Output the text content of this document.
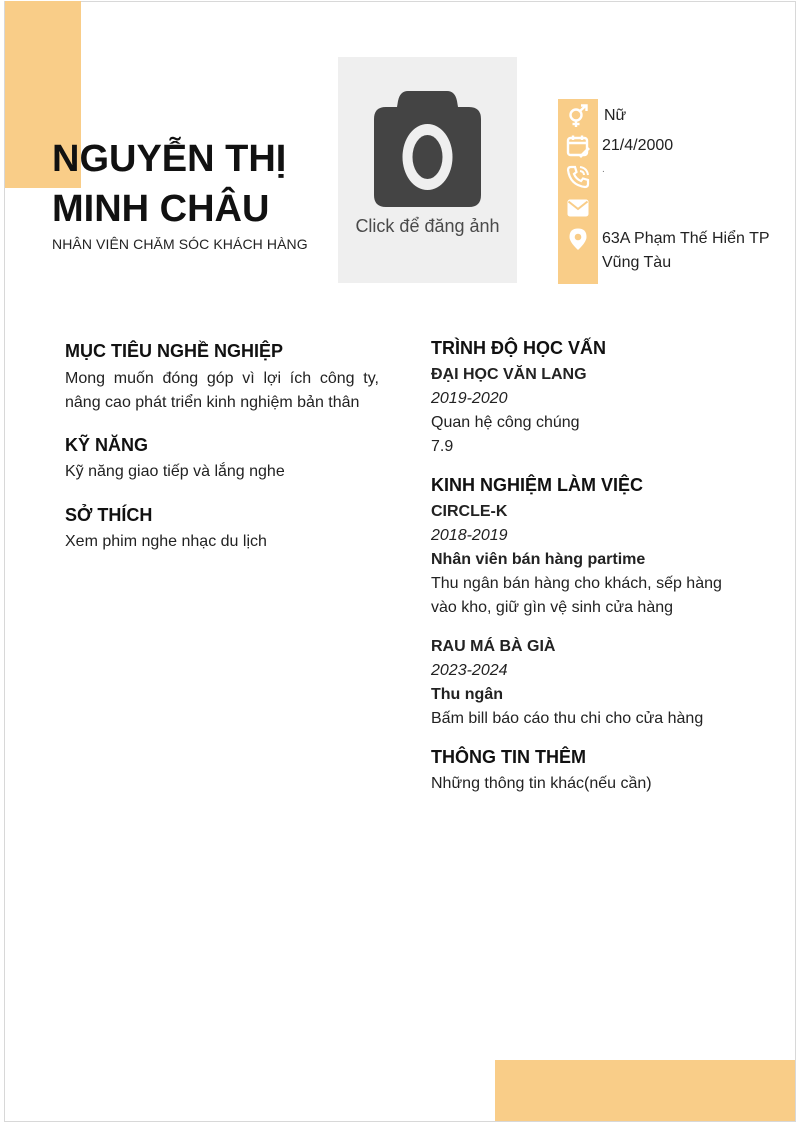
NGUYỄN THỊ MINH CHÂU
NHÂN VIÊN CHĂM SÓC KHÁCH HÀNG
Click để đăng ảnh
Nữ
21/4/2000
.
63A Phạm Thế Hiển TP Vũng Tàu
MỤC TIÊU NGHỀ NGHIỆP
Mong muốn đóng góp vì lợi ích công ty, nâng cao phát triển kinh nghiệm bản thân
KỸ NĂNG
Kỹ năng giao tiếp và lắng nghe
SỞ THÍCH
Xem phim nghe nhạc du lịch
TRÌNH ĐỘ HỌC VẤN
ĐẠI HỌC VĂN LANG
2019-2020
Quan hệ công chúng
7.9
KINH NGHIỆM LÀM VIỆC
CIRCLE-K
2018-2019
Nhân viên bán hàng partime
Thu ngân bán hàng cho khách, sếp hàng vào kho, giữ gìn vệ sinh cửa hàng
RAU MÁ BÀ GIÀ
2023-2024
Thu ngân
Bấm bill báo cáo thu chi cho cửa hàng
THÔNG TIN THÊM
Những thông tin khác(nếu cần)
